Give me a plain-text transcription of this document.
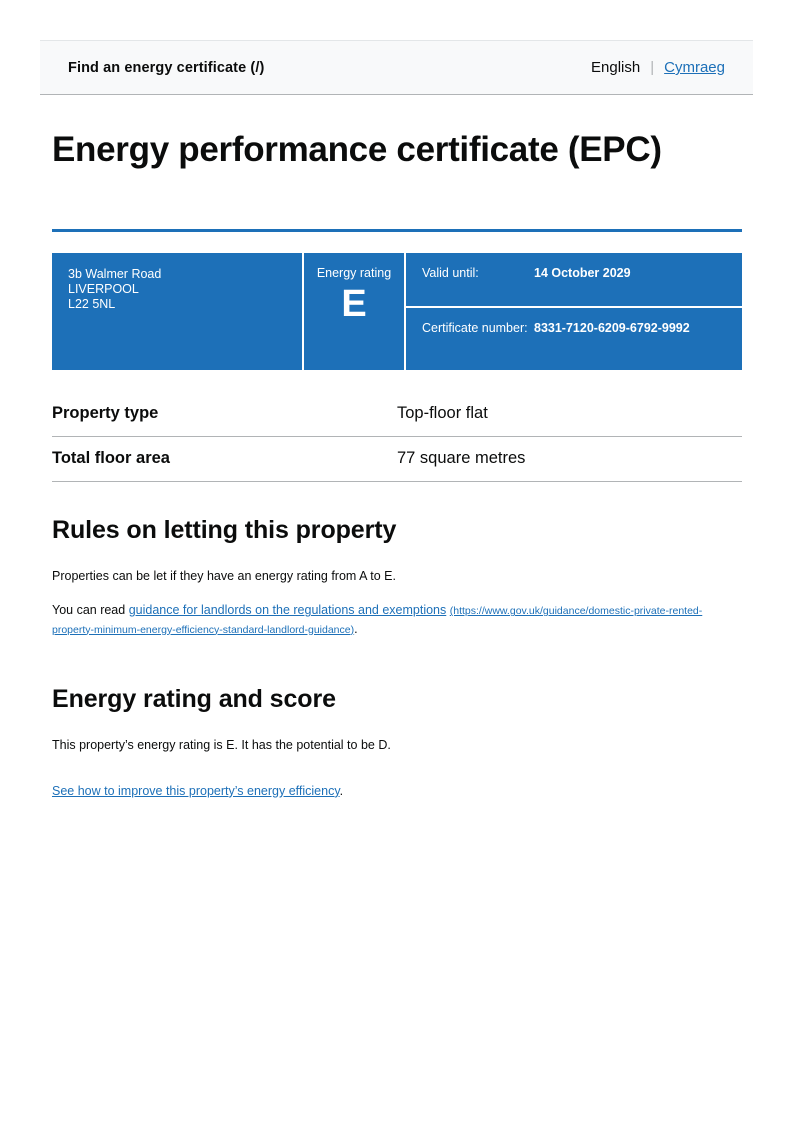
Find an energy certificate (/)	English | Cymraeg
Energy performance certificate (EPC)
3b Walmer Road
LIVERPOOL
L22 5NL
Energy rating
E
Valid until:	14 October 2029
Certificate number: 8331-7120-6209-6792-9992
Property type	Top-floor flat
Total floor area	77 square metres
Rules on letting this property

Properties can be let if they have an energy rating from A to E.

You can read guidance for landlords on the regulations and exemptions (https://www.gov.uk/guidance/domestic-private-rented-property-minimum-energy-efficiency-standard-landlord-guidance).

Energy rating and score

This property’s energy rating is E. It has the potential to be D.

See how to improve this property’s energy efficiency.
